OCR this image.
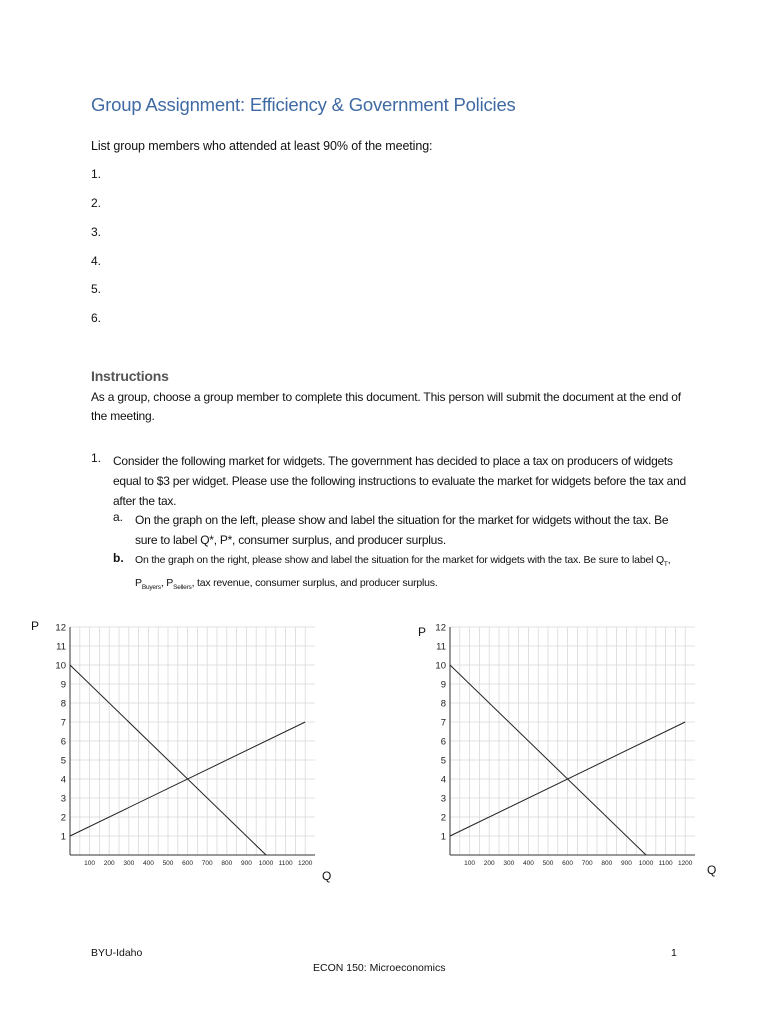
Group Assignment: Efficiency & Government Policies
List group members who attended at least 90% of the meeting:
1.
2.
3.
4.
5.
6.
Instructions
As a group, choose a group member to complete this document. This person will submit the document at the end of the meeting.
1. Consider the following market for widgets. The government has decided to place a tax on producers of widgets equal to $3 per widget. Please use the following instructions to evaluate the market for widgets before the tax and after the tax.
a. On the graph on the left, please show and label the situation for the market for widgets without the tax. Be sure to label Q*, P*, consumer surplus, and producer surplus.
b. On the graph on the right, please show and label the situation for the market for widgets with the tax. Be sure to label $Q_T$, $P_{Buyers}$, $P_{Sellers}$, tax revenue, consumer surplus, and producer surplus.
P
1
2
3
4
5
6
7
8
9
10
11
12
100 200 300 400 500 600 700 800 900 1000 1100 1200
Q
P
1
2
3
4
5
6
7
8
9
10
11
12
100 200 300 400 500 600 700 800 900 1000 1100 1200 Q
BYU-Idaho	1
ECON 150: Microeconomics
